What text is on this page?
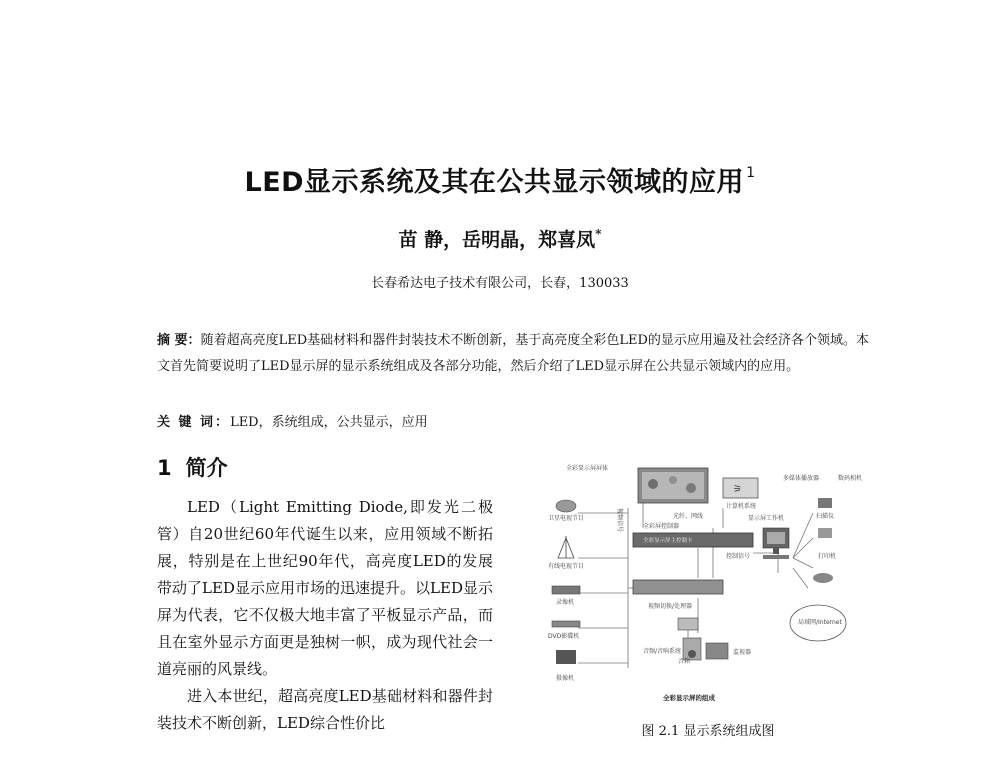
LED显示系统及其在公共显示领域的应用 $^1$
苗 静，岳明晶，郑喜凤*
长春希达电子技术有限公司，长春，130033
摘 要：随着超高亮度LED基础材料和器件封装技术不断创新，基于高亮度全彩色LED的显示应用遍及社会经济各个领域。本文首先简要说明了LED显示屏的显示系统组成及各部分功能，然后介绍了LED显示屏在公共显示领域内的应用。
关 键 词：LED，系统组成，公共显示，应用
1 简介

LED（Light Emitting Diode,即发光二极管）自20世纪60年代诞生以来，应用领域不断拓展，特别是在上世纪90年代，高亮度LED的发展带动了LED显示应用市场的迅速提升。以LED显示屏为代表，它不仅极大地丰富了平板显示产品，而且在室外显示方面更是独树一帜，成为现代社会一道亮丽的风景线。

进入本世纪，超高亮度LED基础材料和器件封装技术不断创新，LED综合性价比

全彩显示屏屏体
⚞
全彩显示屏主控制卡
全彩屏控制器
光纤、网线
计算机系统
控制信号
视频切换/处理器
卫星电视节目
有线电视节目
录像机
DVD影碟机
摄像机
视频信号	显示屏工作机
多媒体播放器	数码相机
扫描仪
打印机
局域网/Internet
音频/音响系统	监视器
音箱
全彩显示屏的组成
图 2.1 显示系统组成图
